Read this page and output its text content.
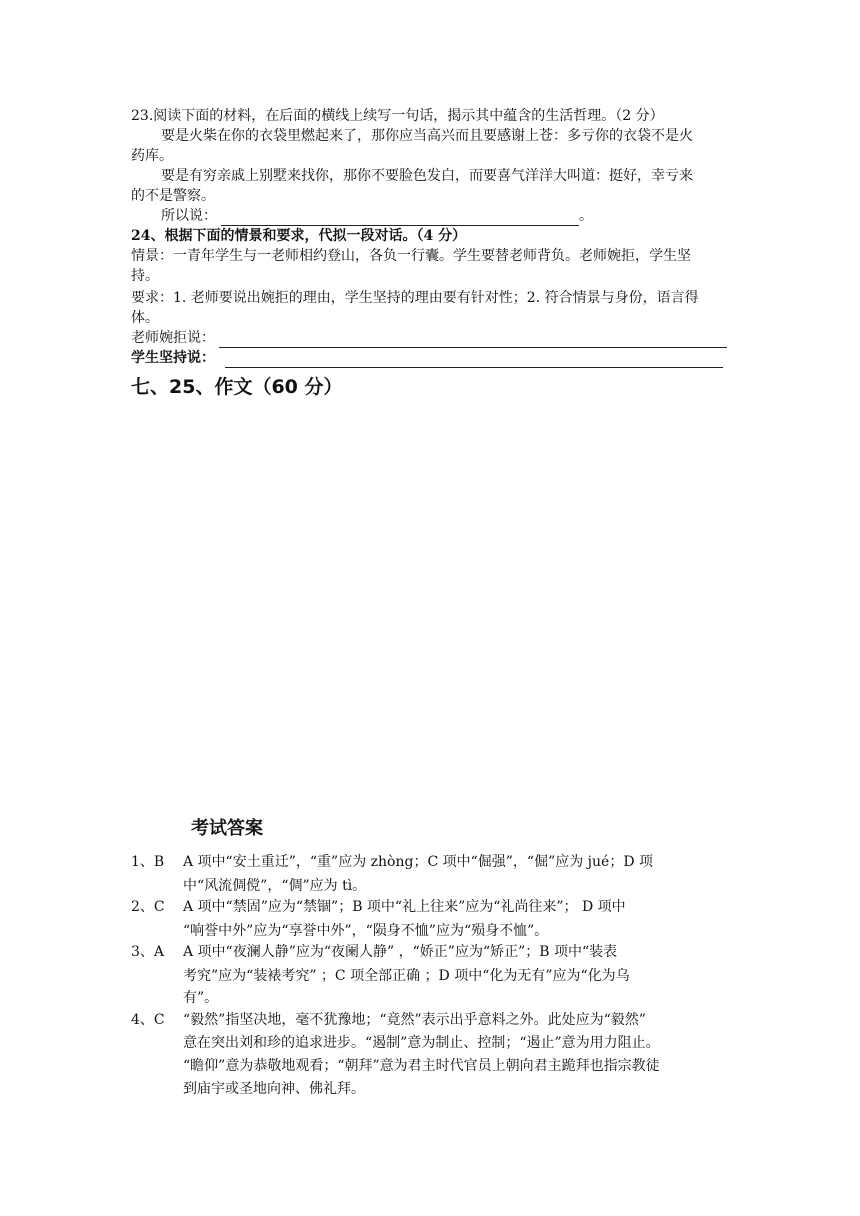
23.阅读下面的材料，在后面的横线上续写一句话，揭示其中蕴含的生活哲理。（2 分）
要是火柴在你的衣袋里燃起来了，那你应当高兴而且要感谢上苍：多亏你的衣袋不是火
药库。
要是有穷亲戚上别墅来找你，那你不要脸色发白，而要喜气洋洋大叫道：挺好，幸亏来
的不是警察。
所以说：	。
24、根据下面的情景和要求，代拟一段对话。（4 分）
情景：一青年学生与一老师相约登山，各负一行囊。学生要替老师背负。老师婉拒，学生坚
持。
要求：1. 老师要说出婉拒的理由，学生坚持的理由要有针对性；2. 符合情景与身份，语言得
体。
老师婉拒说：
学生坚持说：
七、25、作文（60 分）
考试答案
1、B A 项中“安土重迁”，“重”应为 zhòng；C 项中“倔强”，“倔”应为 jué；D 项
中“风流倜傥”，“倜”应为 tì。
2、C A 项中“禁固”应为“禁锢”；B 项中“礼上往来”应为“礼尚往来”； D 项中
“响誉中外”应为“享誉中外”，“陨身不恤”应为“殒身不恤”。
3、A A 项中“夜澜人静”应为“夜阑人静” ，“娇正”应为“矫正”；B 项中“装表
考究”应为“装裱考究” ；C 项全部正确 ；D 项中“化为无有”应为“化为乌
有”。
4、C “毅然”指坚决地，毫不犹豫地；“竟然”表示出乎意料之外。此处应为“毅然”
意在突出刘和珍的追求进步。“遏制”意为制止、控制；“遏止”意为用力阻止。
“瞻仰”意为恭敬地观看；“朝拜”意为君主时代官员上朝向君主跪拜也指宗教徒
到庙宇或圣地向神、佛礼拜。
